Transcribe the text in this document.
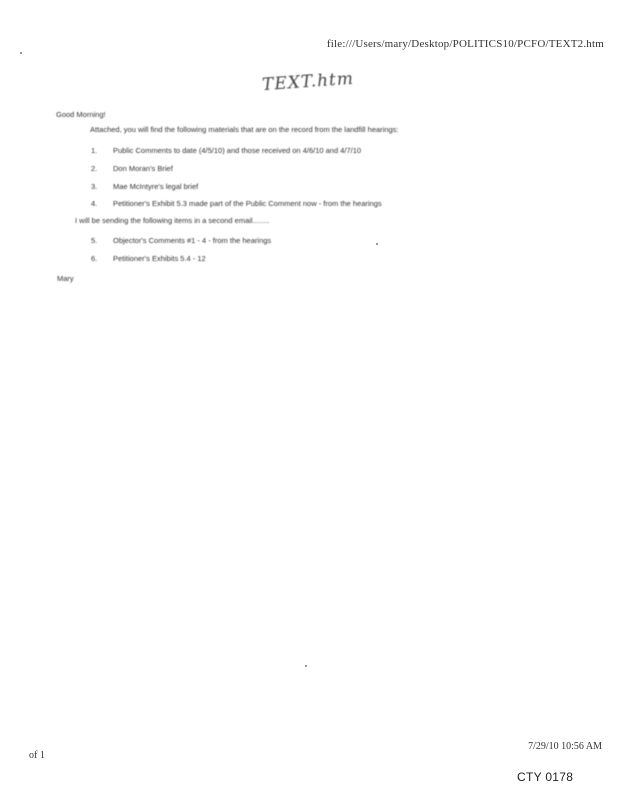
file:///Users/mary/Desktop/POLITICS10/PCFO/TEXT2.htm
TEXT.htm
Good Morning!
Attached, you will find the following materials that are on the record from the landfill hearings:
1. Public Comments to date (4/5/10) and those received on 4/6/10 and 4/7/10
2. Don Moran's Brief
3. Mae McIntyre's legal brief
4. Petitioner's Exhibit 5.3 made part of the Public Comment now - from the hearings
I will be sending the following items in a second email........
5. Objector's Comments #1 - 4 - from the hearings
6. Petitioner's Exhibits 5.4 - 12
Mary
of 1
7/29/10 10:56 AM
CTY 0178
